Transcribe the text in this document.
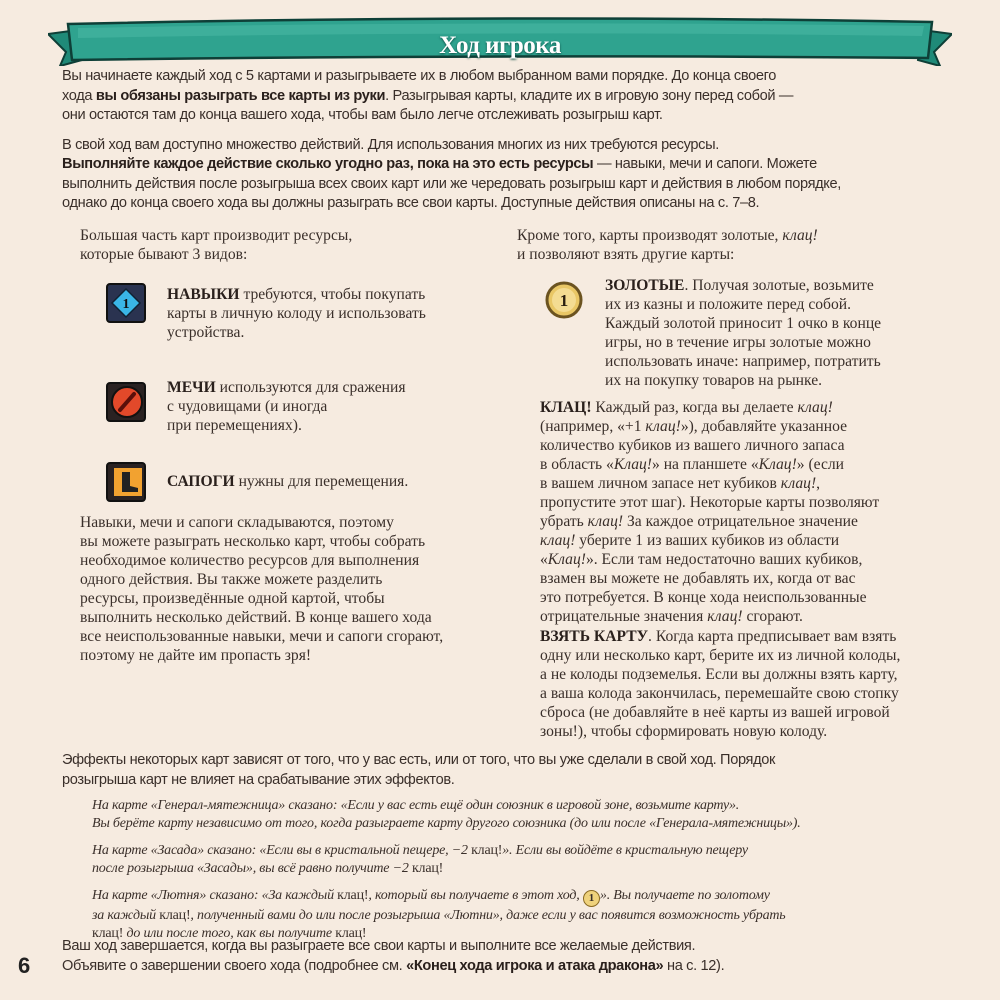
Ход игрока
Вы начинаете каждый ход с 5 картами и разыгрываете их в любом выбранном вами порядке. До конца своего
хода вы обязаны разыграть все карты из руки. Разыгрывая карты, кладите их в игровую зону перед собой —
они остаются там до конца вашего хода, чтобы вам было легче отслеживать розыгрыш карт.
В свой ход вам доступно множество действий. Для использования многих из них требуются ресурсы.
Выполняйте каждое действие сколько угодно раз, пока на это есть ресурсы — навыки, мечи и сапоги. Можете
выполнить действия после розыгрыша всех своих карт или же чередовать розыгрыш карт и действия в любом порядке,
однако до конца своего хода вы должны разыграть все свои карты. Доступные действия описаны на с. 7–8.
Большая часть карт производит ресурсы,
которые бывают 3 видов:
1
НАВЫКИ требуются, чтобы покупать
карты в личную колоду и использовать
устройства.
МЕЧИ используются для сражения
с чудовищами (и иногда
при перемещениях).
САПОГИ нужны для перемещения.
Навыки, мечи и сапоги складываются, поэтому
вы можете разыграть несколько карт, чтобы собрать
необходимое количество ресурсов для выполнения
одного действия. Вы также можете разделить
ресурсы, произведённые одной картой, чтобы
выполнить несколько действий. В конце вашего хода
все неиспользованные навыки, мечи и сапоги сгорают,
поэтому не дайте им пропасть зря!
Кроме того, карты производят золотые, клац!
и позволяют взять другие карты:
1
ЗОЛОТЫЕ. Получая золотые, возьмите
их из казны и положите перед собой.
Каждый золотой приносит 1 очко в конце
игры, но в течение игры золотые можно
использовать иначе: например, потратить
их на покупку товаров на рынке.
КЛАЦ! Каждый раз, когда вы делаете клац!
(например, «+1 клац!»), добавляйте указанное
количество кубиков из вашего личного запаса
в область «Клац!» на планшете «Клац!» (если
в вашем личном запасе нет кубиков клац!,
пропустите этот шаг). Некоторые карты позволяют
убрать клац! За каждое отрицательное значение
клац! уберите 1 из ваших кубиков из области
«Клац!». Если там недостаточно ваших кубиков,
взамен вы можете не добавлять их, когда от вас
это потребуется. В конце хода неиспользованные
отрицательные значения клац! сгорают.
ВЗЯТЬ КАРТУ. Когда карта предписывает вам взять
одну или несколько карт, берите их из личной колоды,
а не колоды подземелья. Если вы должны взять карту,
а ваша колода закончилась, перемешайте свою стопку
сброса (не добавляйте в неё карты из вашей игровой
зоны!), чтобы сформировать новую колоду.
Эффекты некоторых карт зависят от того, что у вас есть, или от того, что вы уже сделали в свой ход. Порядок
розыгрыша карт не влияет на срабатывание этих эффектов.
На карте «Генерал-мятежница» сказано: «Если у вас есть ещё один союзник в игровой зоне, возьмите карту».
Вы берёте карту независимо от того, когда разыграете карту другого союзника (до или после «Генерала-мятежницы»).
На карте «Засада» сказано: «Если вы в кристальной пещере, −2 клац!». Если вы войдёте в кристальную пещеру
после розыгрыша «Засады», вы всё равно получите −2 клац!
На карте «Лютня» сказано: «За каждый клац!, который вы получаете в этот ход, 1 ». Вы получаете по золотому
за каждый клац!, полученный вами до или после розыгрыша «Лютни», даже если у вас появится возможность убрать
клац! до или после того, как вы получите клац!
Ваш ход завершается, когда вы разыграете все свои карты и выполните все желаемые действия.
Объявите о завершении своего хода (подробнее см. «Конец хода игрока и атака дракона» на с. 12).
6
